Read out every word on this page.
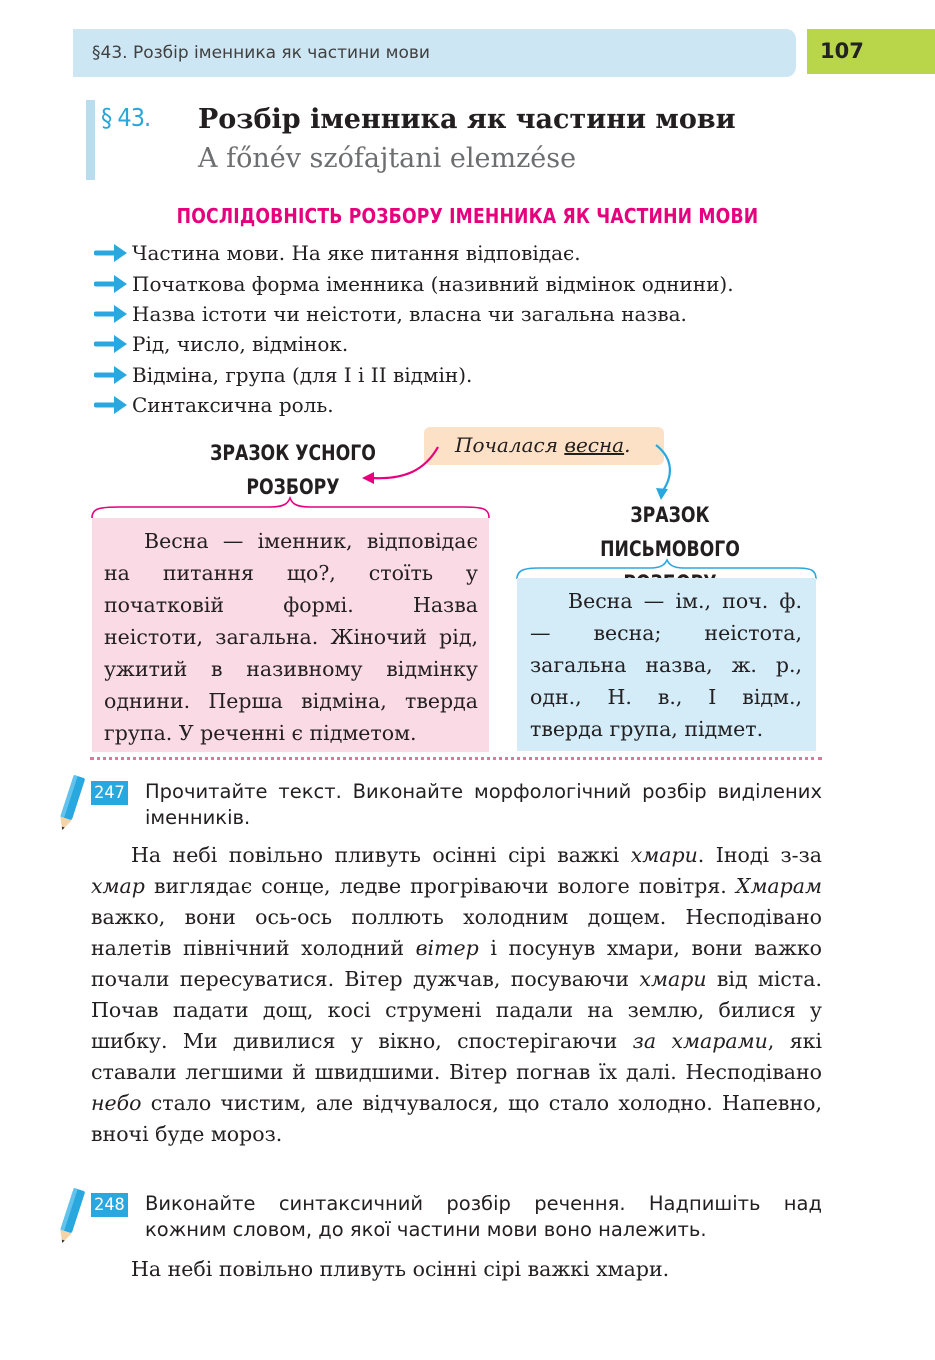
§43. Розбір іменника як частини мови	107
§ 43. Розбір іменника як частини мови
A főnév szófajtani elemzése
ПОСЛІДОВНІСТЬ РОЗБОРУ ІМЕННИКА ЯК ЧАСТИНИ МОВИ
Частина мови. На яке питання відповідає.
Початкова форма іменника (називний відмінок однини).
Назва істоти чи неістоти, власна чи загальна назва.
Рід, число, відмінок.
Відміна, група (для І і ІІ відмін).
Синтаксична роль.
ЗРАЗОК УСНОГО
РОЗБОРУ
Почалася весна.
ЗРАЗОК ПИСЬМОВОГО
Весна — іменник, відповідає на питання що?, стоїть у початковій формі. Назва неістоти, загальна. Жіночий рід, ужитий в називному відмінку однини. Перша відміна, тверда група. У реченні є підметом.
Весна — ім., поч. ф. — весна; неістота, загальна назва, ж. р., одн., Н. в., І відм., тверда група, підмет.
247 Прочитайте текст. Виконайте морфологічний розбір виділених іменників.
На небі повільно пливуть осінні сірі важкі хмари. Іноді з-за хмар виглядає сонце, ледве прогріваючи вологе повітря. Хмарам важко, вони ось-ось поллють холодним дощем. Несподівано налетів північний холодний вітер і посунув хмари, вони важко почали пересуватися. Вітер дужчав, посуваючи хмари від міста. Почав падати дощ, косі струмені падали на землю, билися у шибку. Ми дивилися у вікно, спостерігаючи за хмарами, які ставали легшими й швидшими. Вітер погнав їх далі. Несподівано небо стало чистим, але відчувалося, що стало холодно. Напевно, вночі буде мороз.
248 Виконайте синтаксичний розбір речення. Надпишіть над кожним словом, до якої частини мови воно належить.
На небі повільно пливуть осінні сірі важкі хмари.
